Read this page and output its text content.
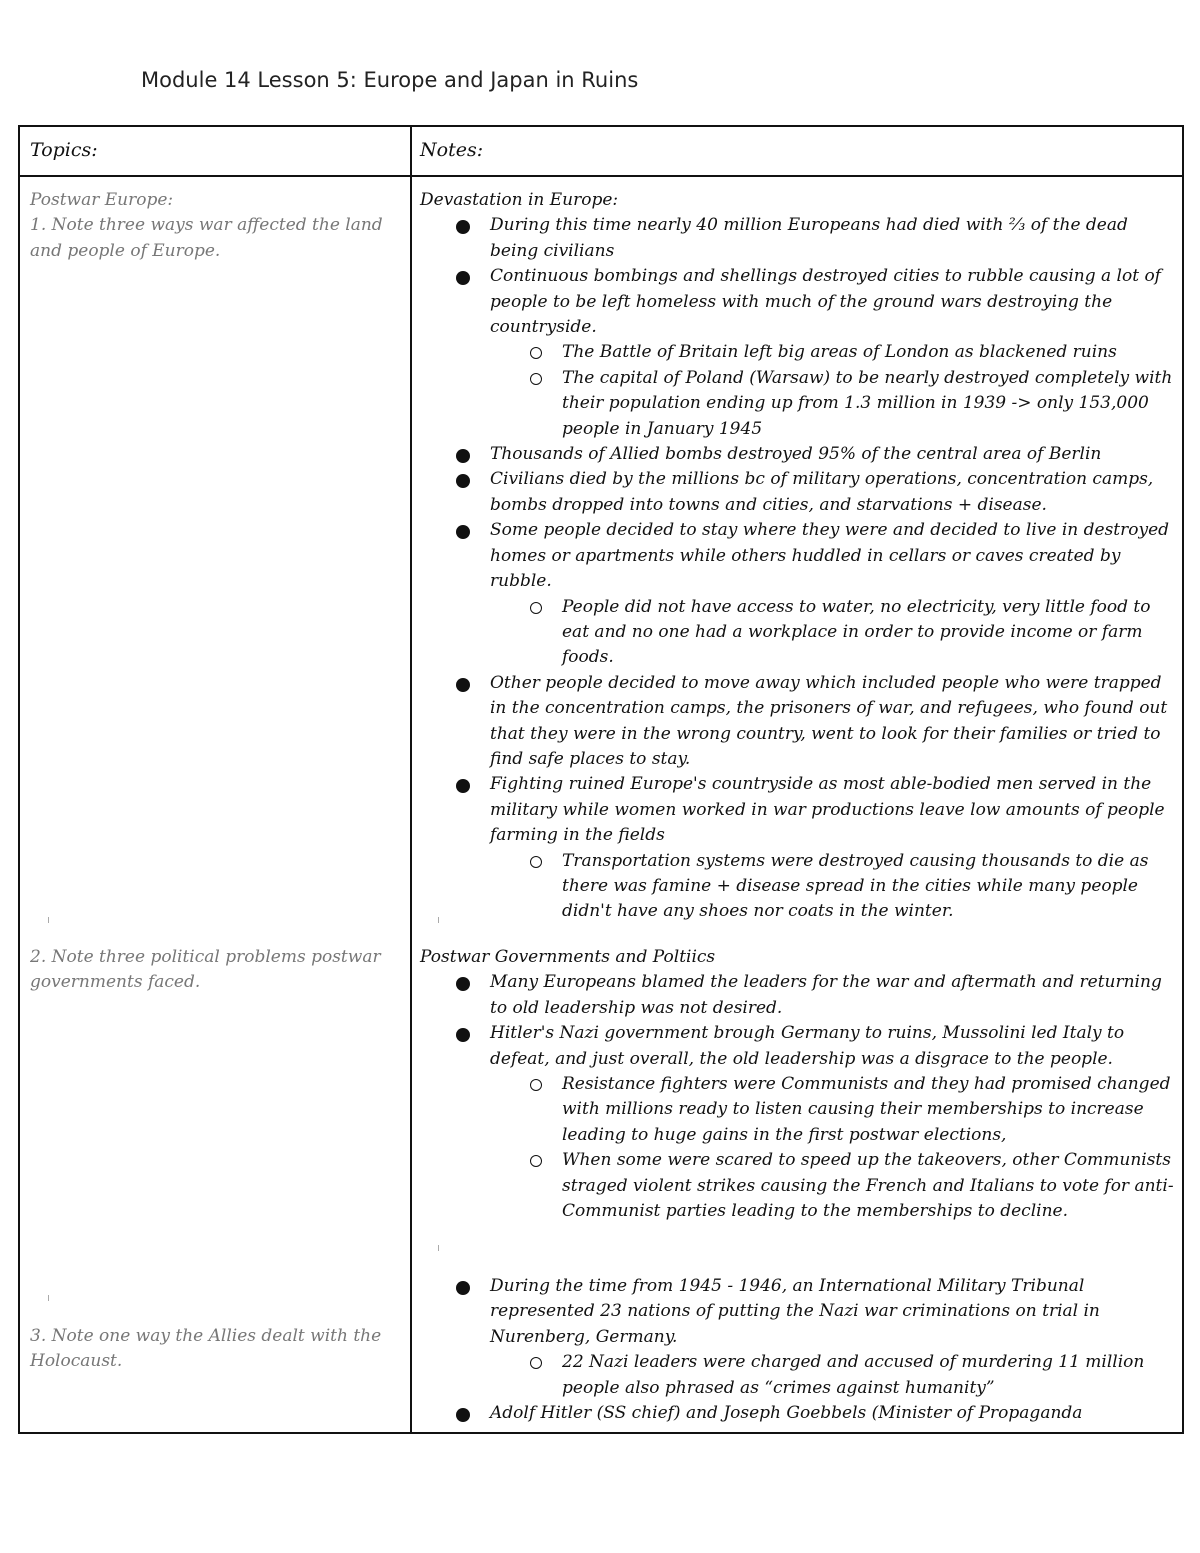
Module 14 Lesson 5: Europe and Japan in Ruins
Topics:	Notes:
Postwar Europe:
1. Note three ways war affected the land and people of Europe.
2. Note three political problems postwar governments faced.
3. Note one way the Allies dealt with the Holocaust.
Devastation in Europe:
During this time nearly 40 million Europeans had died with ⅔ of the dead being civilians
Continuous bombings and shellings destroyed cities to rubble causing a lot of people to be left homeless with much of the ground wars destroying the countryside.
The Battle of Britain left big areas of London as blackened ruins
The capital of Poland (Warsaw) to be nearly destroyed completely with their population ending up from 1.3 million in 1939 -> only 153,000 people in January 1945
Thousands of Allied bombs destroyed 95% of the central area of Berlin
Civilians died by the millions bc of military operations, concentration camps, bombs dropped into towns and cities, and starvations + disease.
Some people decided to stay where they were and decided to live in destroyed homes or apartments while others huddled in cellars or caves created by rubble.
People did not have access to water, no electricity, very little food to eat and no one had a workplace in order to provide income or farm foods.
Other people decided to move away which included people who were trapped in the concentration camps, the prisoners of war, and refugees, who found out that they were in the wrong country, went to look for their families or tried to find safe places to stay.
Fighting ruined Europe's countryside as most able-bodied men served in the military while women worked in war productions leave low amounts of people farming in the fields
Transportation systems were destroyed causing thousands to die as there was famine + disease spread in the cities while many people didn't have any shoes nor coats in the winter.
Postwar Governments and Poltiics
Many Europeans blamed the leaders for the war and aftermath and returning to old leadership was not desired.
Hitler's Nazi government brough Germany to ruins, Mussolini led Italy to defeat, and just overall, the old leadership was a disgrace to the people.
Resistance fighters were Communists and they had promised changed with millions ready to listen causing their memberships to increase leading to huge gains in the first postwar elections,
When some were scared to speed up the takeovers, other Communists straged violent strikes causing the French and Italians to vote for anti-Communist parties leading to the memberships to decline.
During the time from 1945 - 1946, an International Military Tribunal represented 23 nations of putting the Nazi war criminations on trial in Nurenberg, Germany.
22 Nazi leaders were charged and accused of murdering 11 million people also phrased as “crimes against humanity”
Adolf Hitler (SS chief) and Joseph Goebbels (Minister of Propaganda
